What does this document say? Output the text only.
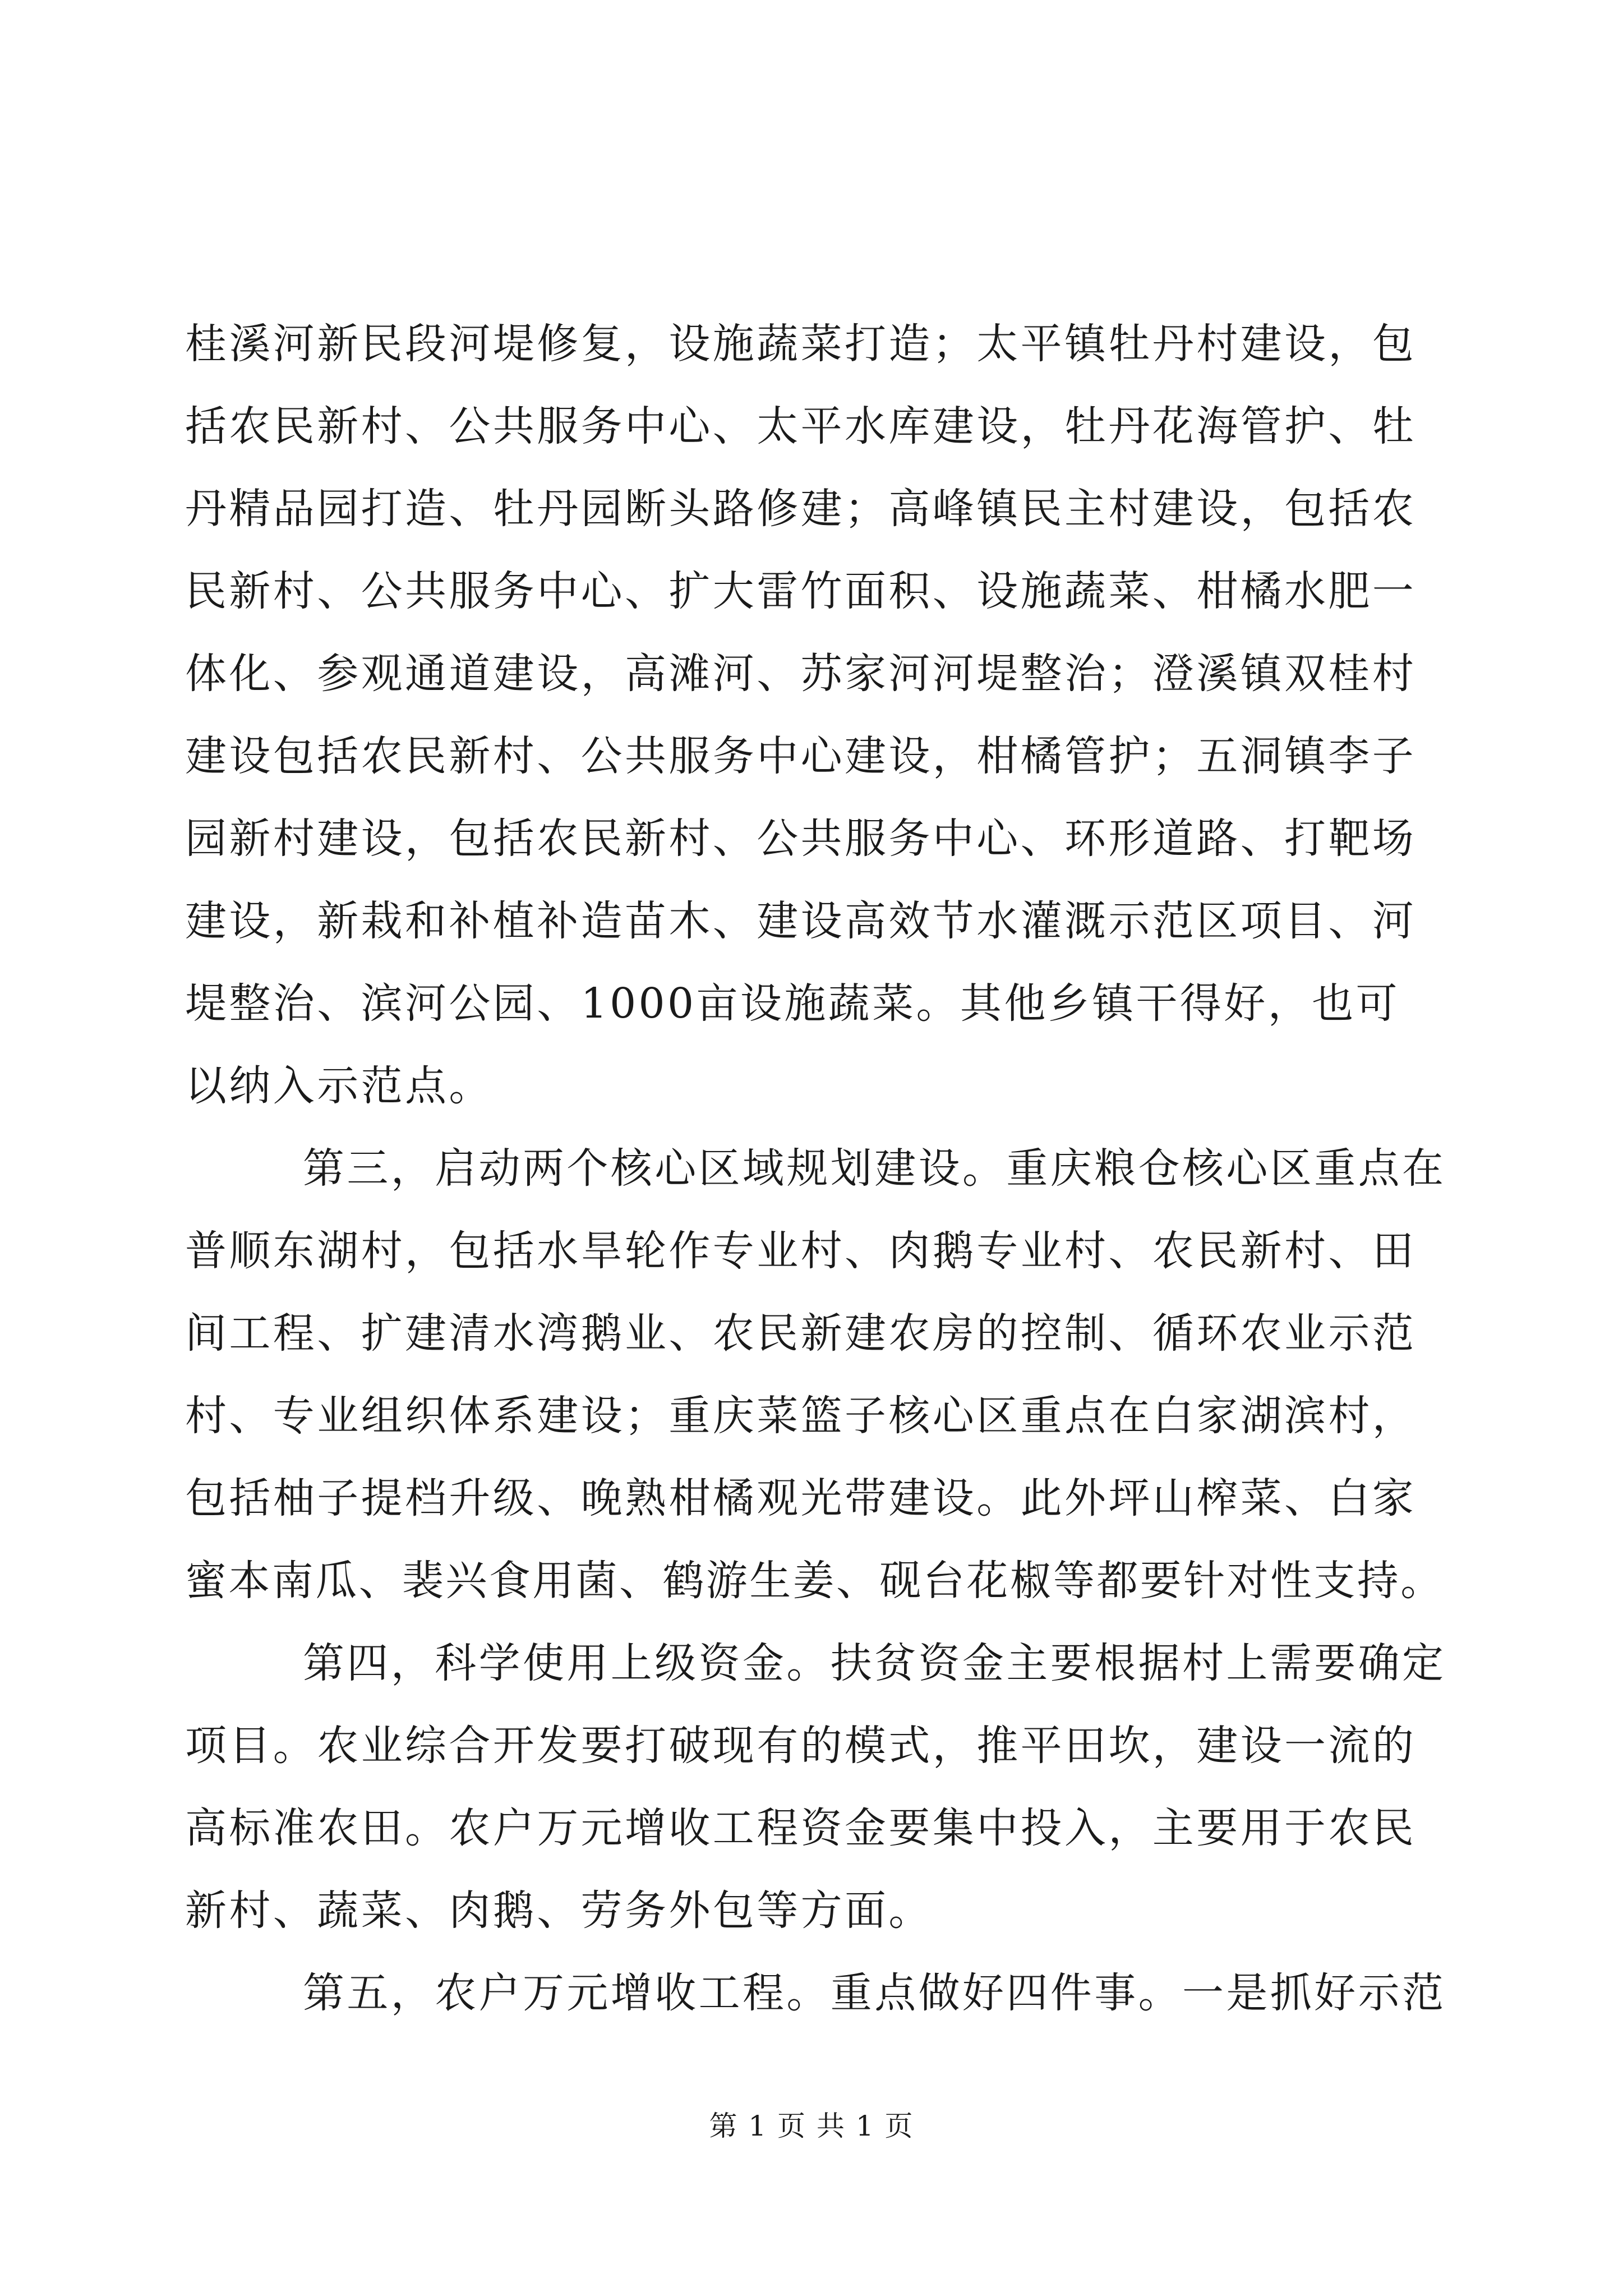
桂溪河新民段河堤修复，设施蔬菜打造；太平镇牡丹村建设，包
括农民新村、公共服务中心、太平水库建设，牡丹花海管护、牡
丹精品园打造、牡丹园断头路修建；高峰镇民主村建设，包括农
民新村、公共服务中心、扩大雷竹面积、设施蔬菜、柑橘水肥一
体化、参观通道建设，高滩河、苏家河河堤整治；澄溪镇双桂村
建设包括农民新村、公共服务中心建设，柑橘管护；五洞镇李子
园新村建设，包括农民新村、公共服务中心、环形道路、打靶场
建设，新栽和补植补造苗木、建设高效节水灌溉示范区项目、河
堤整治、滨河公园、1000亩设施蔬菜。其他乡镇干得好，也可
以纳入示范点。
第三，启动两个核心区域规划建设。重庆粮仓核心区重点在
普顺东湖村，包括水旱轮作专业村、肉鹅专业村、农民新村、田
间工程、扩建清水湾鹅业、农民新建农房的控制、循环农业示范
村、专业组织体系建设；重庆菜篮子核心区重点在白家湖滨村，
包括柚子提档升级、晚熟柑橘观光带建设。此外坪山榨菜、白家
蜜本南瓜、裴兴食用菌、鹤游生姜、砚台花椒等都要针对性支持。
第四，科学使用上级资金。扶贫资金主要根据村上需要确定
项目。农业综合开发要打破现有的模式，推平田坎，建设一流的
高标准农田。农户万元增收工程资金要集中投入，主要用于农民
新村、蔬菜、肉鹅、劳务外包等方面。
第五，农户万元增收工程。重点做好四件事。一是抓好示范
第 1 页 共 1 页
